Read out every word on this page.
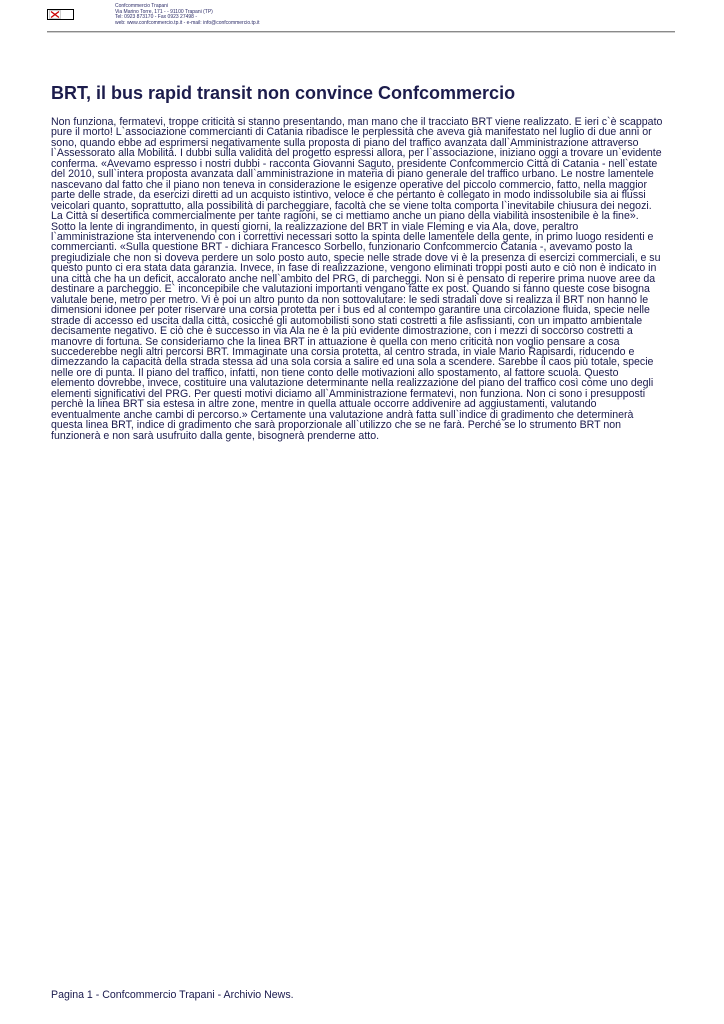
Confcommercio Trapani
Via Marino Torre, 171 - - 91100 Trapani (TP)
Tel: 0923 873170 - Fax 0923 27498 -
web: www.confcommercio.tp.it - e-mail: info@confcommercio.tp.it
BRT, il bus rapid transit non convince Confcommercio

Non funziona, fermatevi, troppe criticità si stanno presentando, man mano che il tracciato BRT viene realizzato. E ieri c`è scappato pure il morto! L`associazione commercianti di Catania ribadisce le perplessità che aveva già manifestato nel luglio di due anni or sono, quando ebbe ad esprimersi negativamente sulla proposta di piano del traffico avanzata dall`Amministrazione attraverso l`Assessorato alla Mobilità. I dubbi sulla validità del progetto espressi allora, per l`associazione, iniziano oggi a trovare un`evidente conferma. «Avevamo espresso i nostri dubbi - racconta Giovanni Saguto, presidente Confcommercio Città di Catania - nell`estate del 2010, sull`intera proposta avanzata dall`amministrazione in materia di piano generale del traffico urbano. Le nostre lamentele nascevano dal fatto che il piano non teneva in considerazione le esigenze operative del piccolo commercio, fatto, nella maggior parte delle strade, da esercizi diretti ad un acquisto istintivo, veloce e che pertanto è collegato in modo indissolubile sia ai flussi veicolari quanto, soprattutto, alla possibilità di parcheggiare, facoltà che se viene tolta comporta l`inevitabile chiusura dei negozi. La Città si desertifica commercialmente per tante ragioni, se ci mettiamo anche un piano della viabilità insostenibile è la fine». Sotto la lente di ingrandimento, in questi giorni, la realizzazione del BRT in viale Fleming e via Ala, dove, peraltro l`amministrazione sta intervenendo con i correttivi necessari sotto la spinta delle lamentele della gente, in primo luogo residenti e commercianti. «Sulla questione BRT - dichiara Francesco Sorbello, funzionario Confcommercio Catania -, avevamo posto la pregiudiziale che non si doveva perdere un solo posto auto, specie nelle strade dove vi è la presenza di esercizi commerciali, e su questo punto ci era stata data garanzia. Invece, in fase di realizzazione, vengono eliminati troppi posti auto e ciò non è indicato in una città che ha un deficit, accalorato anche nell`ambito del PRG, di parcheggi. Non si è pensato di reperire prima nuove aree da destinare a parcheggio. E` inconcepibile che valutazioni importanti vengano fatte ex post. Quando si fanno queste cose bisogna valutale bene, metro per metro. Vi è poi un altro punto da non sottovalutare: le sedi stradali dove si realizza il BRT non hanno le dimensioni idonee per poter riservare una corsia protetta per i bus ed al contempo garantire una circolazione fluida, specie nelle strade di accesso ed uscita dalla città, cosicché gli automobilisti sono stati costretti a file asfissianti, con un impatto ambientale decisamente negativo. E ciò che è successo in via Ala ne è la più evidente dimostrazione, con i mezzi di soccorso costretti a manovre di fortuna. Se consideriamo che la linea BRT in attuazione è quella con meno criticità non voglio pensare a cosa succederebbe negli altri percorsi BRT. Immaginate una corsia protetta, al centro strada, in viale Mario Rapisardi, riducendo e dimezzando la capacità della strada stessa ad una sola corsia a salire ed una sola a scendere. Sarebbe il caos più totale, specie nelle ore di punta. Il piano del traffico, infatti, non tiene conto delle motivazioni allo spostamento, al fattore scuola. Questo elemento dovrebbe, invece, costituire una valutazione determinante nella realizzazione del piano del traffico così come uno degli elementi significativi del PRG. Per questi motivi diciamo all`Amministrazione fermatevi, non funziona. Non ci sono i presupposti perchè la linea BRT sia estesa in altre zone, mentre in quella attuale occorre addivenire ad aggiustamenti, valutando eventualmente anche cambi di percorso.» Certamente una valutazione andrà fatta sull`indice di gradimento che determinerà questa linea BRT, indice di gradimento che sarà proporzionale all`utilizzo che se ne farà. Perché se lo strumento BRT non funzionerà e non sarà usufruito dalla gente, bisognerà prenderne atto.

Pagina 1 - Confcommercio Trapani - Archivio News.
